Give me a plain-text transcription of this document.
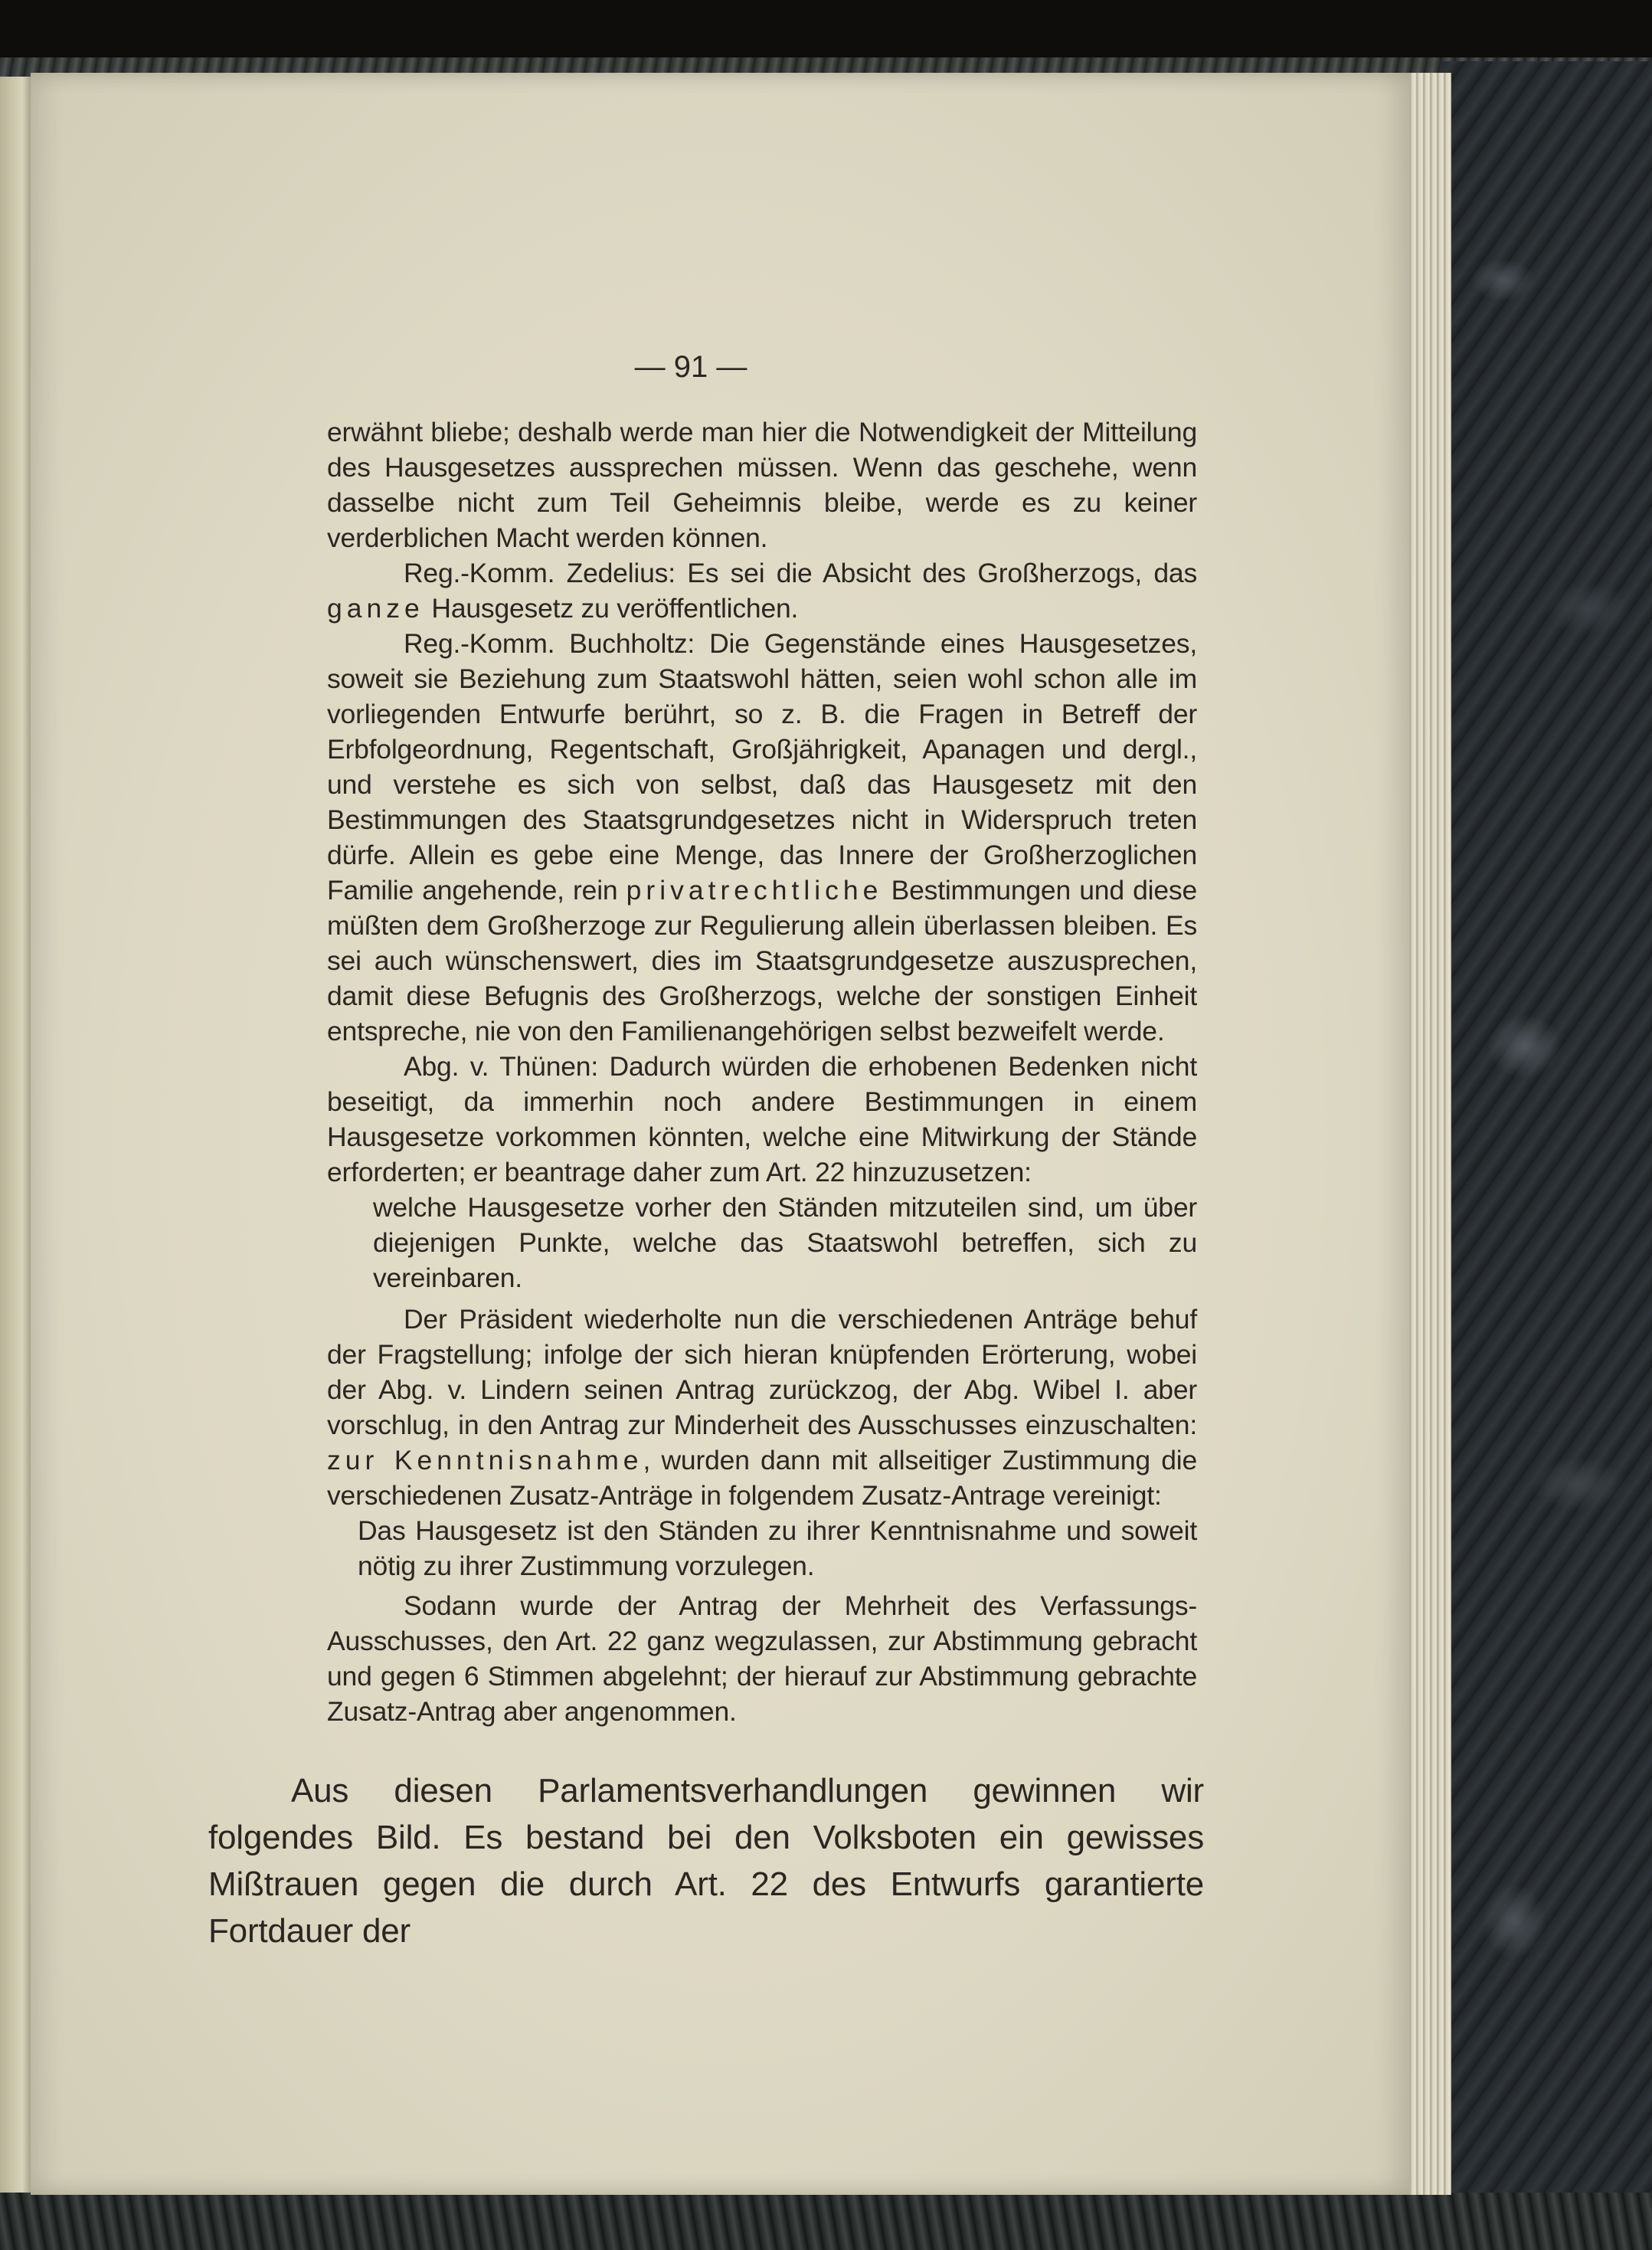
— 91 —

erwähnt bliebe; deshalb werde man hier die Notwendigkeit der Mitteilung des Hausgesetzes aussprechen müssen. Wenn das geschehe, wenn dasselbe nicht zum Teil Geheimnis bleibe, werde es zu keiner verderblichen Macht werden können.

Reg.-Komm. Zedelius: Es sei die Absicht des Großherzogs, das ganze Hausgesetz zu veröffentlichen.

Reg.-Komm. Buchholtz: Die Gegenstände eines Hausgesetzes, soweit sie Beziehung zum Staatswohl hätten, seien wohl schon alle im vorliegenden Entwurfe berührt, so z. B. die Fragen in Betreff der Erbfolgeordnung, Regentschaft, Großjährigkeit, Apanagen und dergl., und verstehe es sich von selbst, daß das Hausgesetz mit den Bestimmungen des Staatsgrundgesetzes nicht in Widerspruch treten dürfe. Allein es gebe eine Menge, das Innere der Großherzoglichen Familie angehende, rein privatrechtliche Bestimmungen und diese müßten dem Großherzoge zur Regulierung allein überlassen bleiben. Es sei auch wünschenswert, dies im Staatsgrundgesetze auszusprechen, damit diese Befugnis des Großherzogs, welche der sonstigen Einheit entspreche, nie von den Familienangehörigen selbst bezweifelt werde.

Abg. v. Thünen: Dadurch würden die erhobenen Bedenken nicht beseitigt, da immerhin noch andere Bestimmungen in einem Hausgesetze vorkommen könnten, welche eine Mitwirkung der Stände erforderten; er beantrage daher zum Art. 22 hinzuzusetzen:

welche Hausgesetze vorher den Ständen mitzuteilen sind, um über diejenigen Punkte, welche das Staatswohl betreffen, sich zu vereinbaren.

Der Präsident wiederholte nun die verschiedenen Anträge behuf der Fragstellung; infolge der sich hieran knüpfenden Erörterung, wobei der Abg. v. Lindern seinen Antrag zurückzog, der Abg. Wibel I. aber vorschlug, in den Antrag zur Minderheit des Ausschusses einzuschalten: zur Kenntnisnahme, wurden dann mit allseitiger Zustimmung die verschiedenen Zusatz-Anträge in folgendem Zusatz-Antrage vereinigt:

Das Hausgesetz ist den Ständen zu ihrer Kenntnisnahme und soweit nötig zu ihrer Zustimmung vorzulegen.

Sodann wurde der Antrag der Mehrheit des Verfassungs-Ausschusses, den Art. 22 ganz wegzulassen, zur Abstimmung gebracht und gegen 6 Stimmen abgelehnt; der hierauf zur Abstimmung gebrachte Zusatz-Antrag aber angenommen.

Aus diesen Parlamentsverhandlungen gewinnen wir folgendes Bild. Es bestand bei den Volksboten ein gewisses Mißtrauen gegen die durch Art. 22 des Entwurfs garantierte Fortdauer der
